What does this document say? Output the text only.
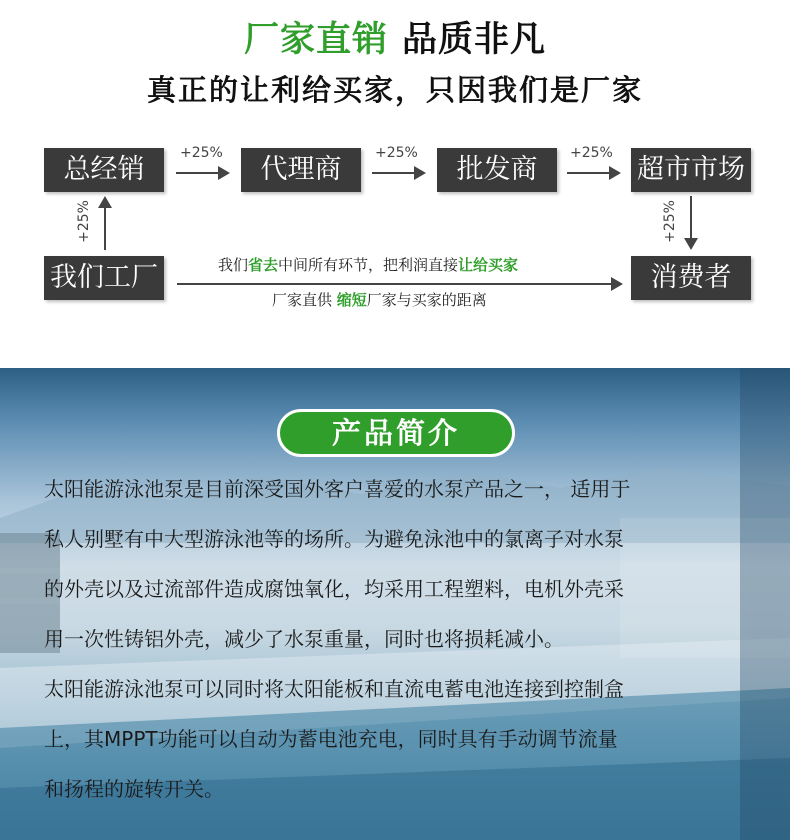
厂家直销 品质非凡
真正的让利给买家，只因我们是厂家
总经销	代理商	批发商	超市市场
+25%	+25%	+25%
+25%	+25%
我们工厂	消费者
我们省去中间所有环节，把利润直接让给买家
厂家直供 缩短厂家与买家的距离
产品简介
太阳能游泳池泵是目前深受国外客户喜爱的水泵产品之一， 适用于
私人别墅有中大型游泳池等的场所。为避免泳池中的氯离子对水泵
的外壳以及过流部件造成腐蚀氧化，均采用工程塑料，电机外壳采
用一次性铸铝外壳，减少了水泵重量，同时也将损耗减小。
太阳能游泳池泵可以同时将太阳能板和直流电蓄电池连接到控制盒
上，其MPPT功能可以自动为蓄电池充电，同时具有手动调节流量
和扬程的旋转开关。
